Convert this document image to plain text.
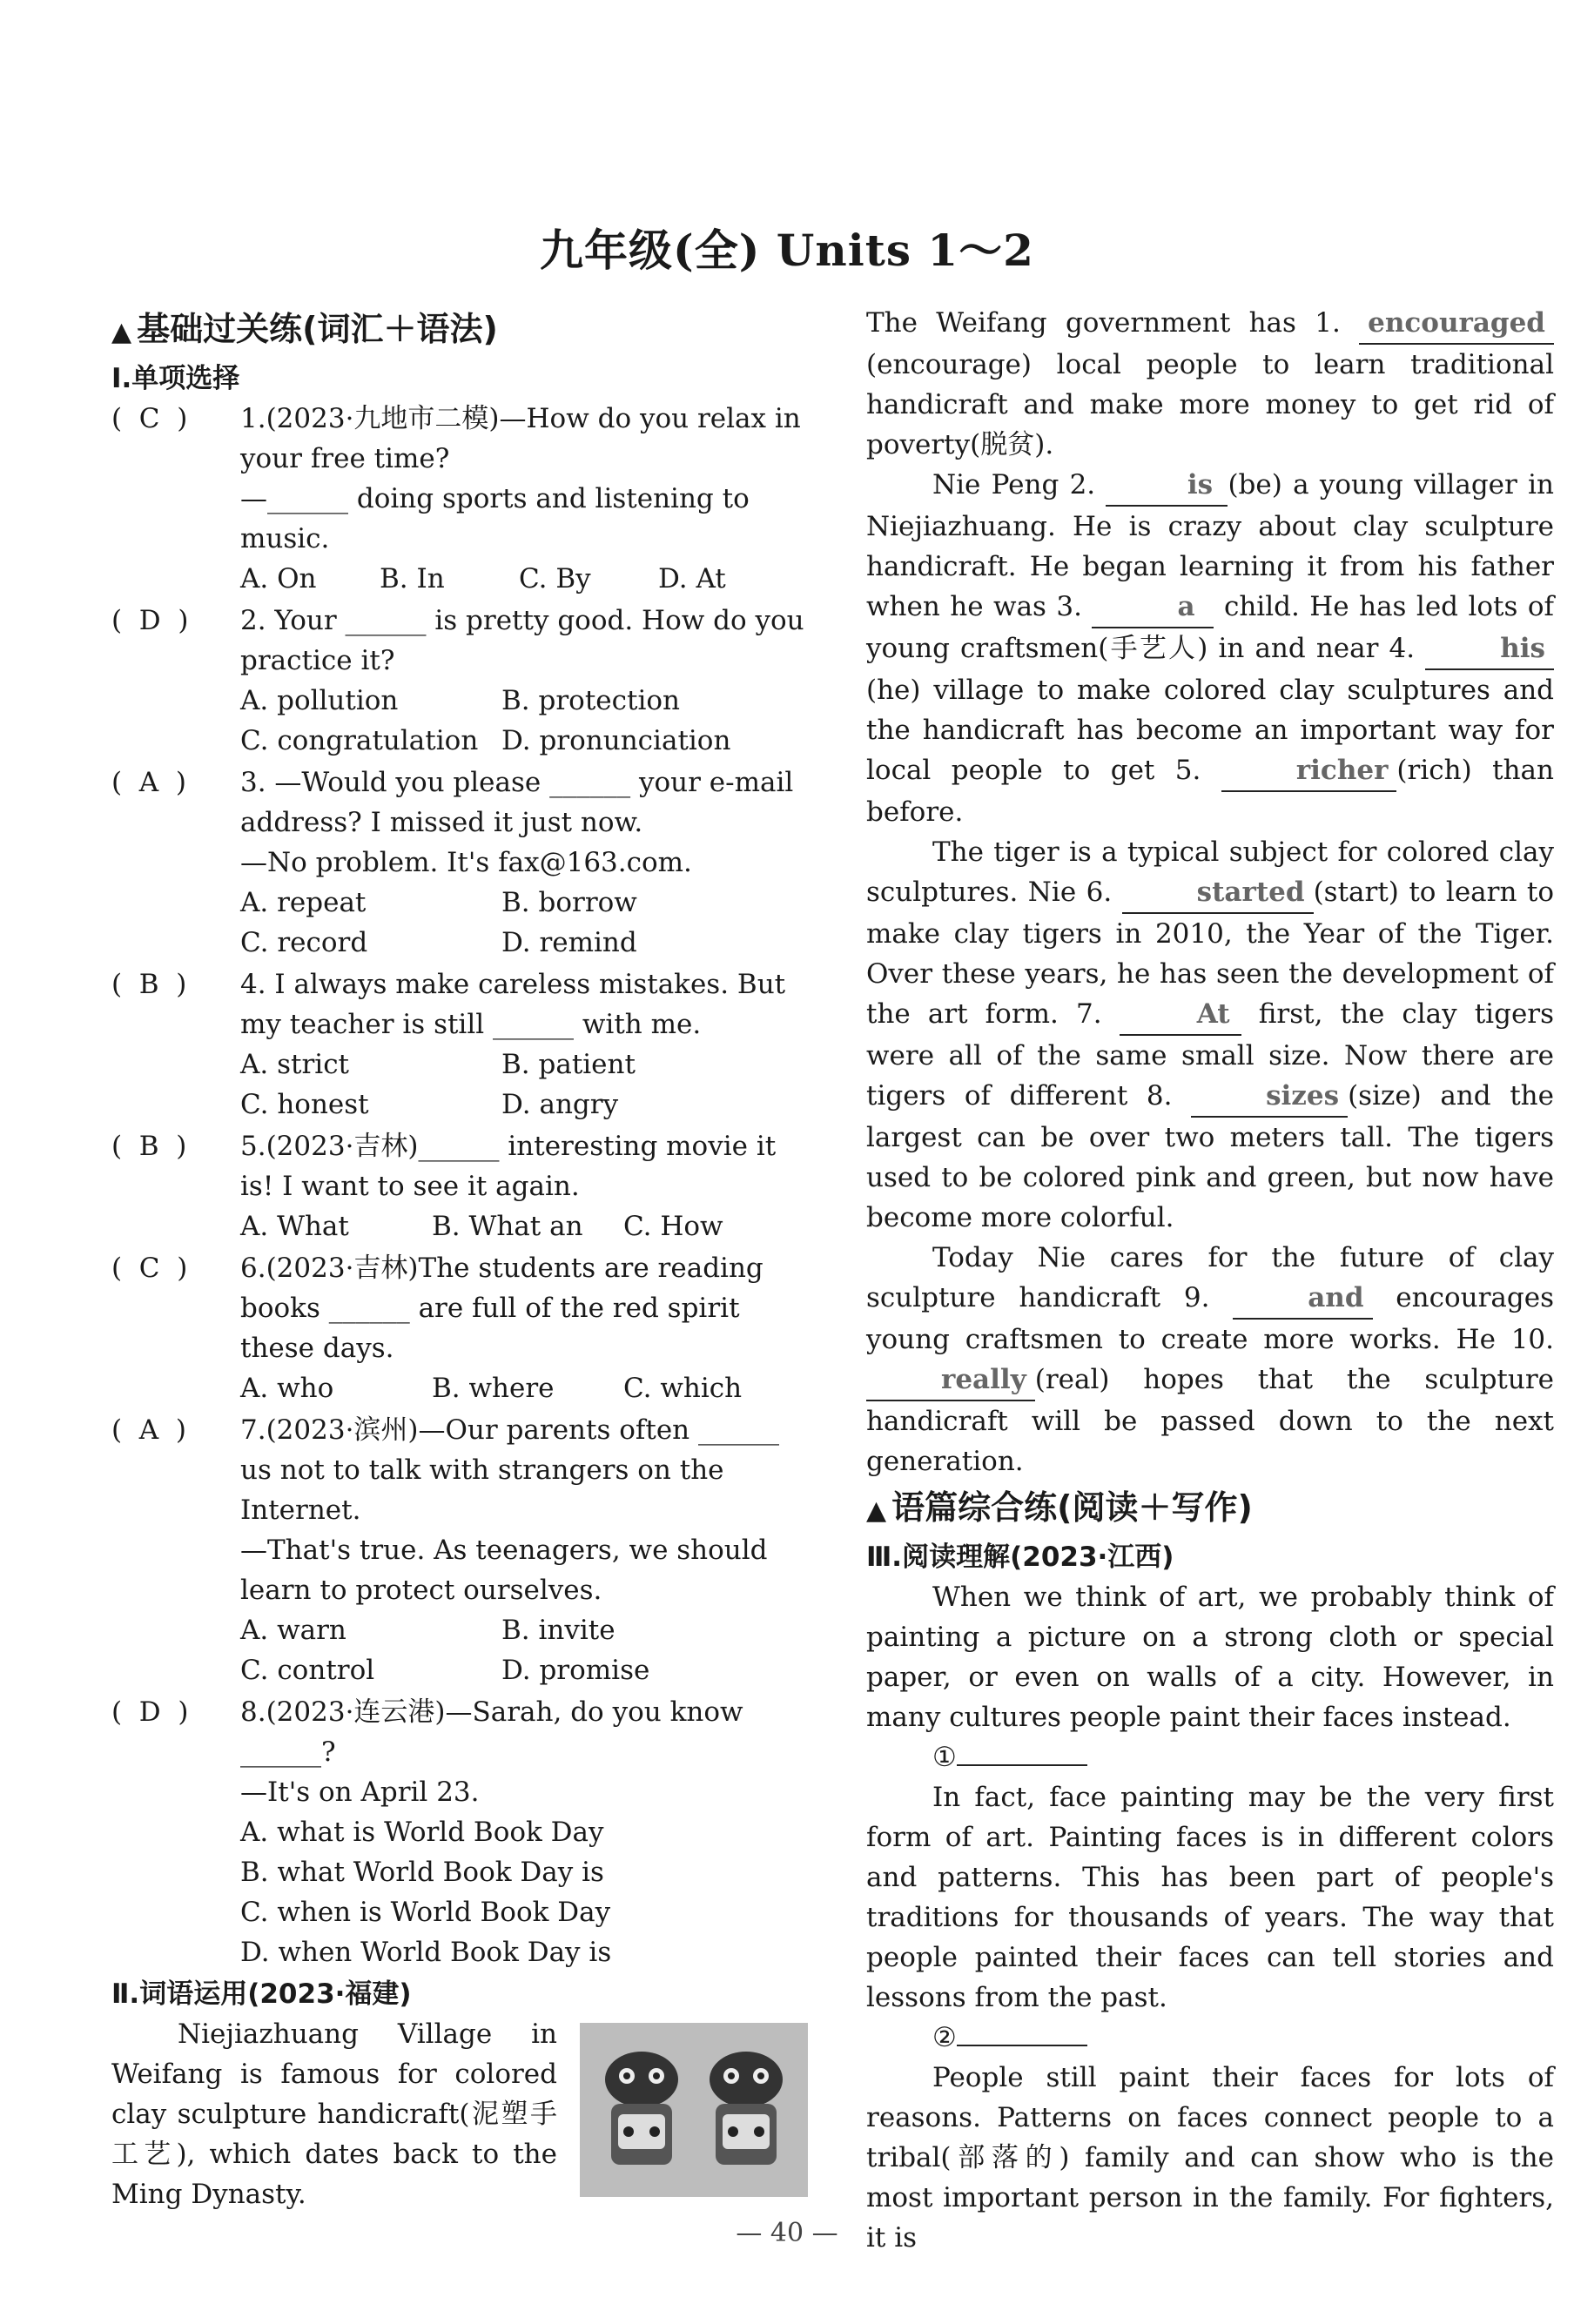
九年级(全) Units 1～2
▲ 基础过关练(词汇＋语法)
Ⅰ.单项选择
(  C  )	1.(2023·九地市二模)—How do you relax in your free time?
—______ doing sports and listening to music.
A. On	B. In	C. By	D. At
(  D  )	2. Your ______ is pretty good. How do you practice it?
A. pollution	B. protection
C. congratulation D. pronunciation
(  A  )	3. —Would you please ______ your e-mail address? I missed it just now.
—No problem. It's fax@163.com.
A. repeat	B. borrow
C. record	D. remind
(  B  )	4. I always make careless mistakes. But my teacher is still ______ with me.
A. strict	B. patient
C. honest	D. angry
(  B  )	5.(2023·吉林)______ interesting movie it is! I want to see it again.
A. What	B. What an	C. How
(  C  )	6.(2023·吉林)The students are reading books ______ are full of the red spirit these days.
A. who	B. where	C. which
(  A  )	7.(2023·滨州)—Our parents often ______ us not to talk with strangers on the Internet.
—That's true. As teenagers, we should learn to protect ourselves.
A. warn	B. invite
C. control	D. promise
(  D  )	8.(2023·连云港)—Sarah, do you know ______?
—It's on April 23.
A. what is World Book Day
B. what World Book Day is
C. when is World Book Day
D. when World Book Day is
Ⅱ.词语运用(2023·福建)
Niejiazhuang Village in Weifang is famous for colored clay sculpture handicraft(泥塑手工艺), which dates back to the Ming Dynasty.
The Weifang government has 1. encouraged(encourage) local people to learn traditional handicraft and make more money to get rid of poverty(脱贫).
Nie Peng 2.	is (be) a young villager in Niejiazhuang. He is crazy about clay sculpture handicraft. He began learning it from his father when he was 3.	a child. He has led lots of young craftsmen(手艺人) in and near 4.	his(he) village to make colored clay sculptures and the handicraft has become an important way for local people to get 5.	richer (rich) than before.
The tiger is a typical subject for colored clay sculptures. Nie 6.	started (start) to learn to make clay tigers in 2010, the Year of the Tiger. Over these years, he has seen the development of the art form. 7.	At first, the clay tigers were all of the same small size. Now there are tigers of different 8.	sizes (size) and the largest can be over two meters tall. The tigers used to be colored pink and green, but now have become more colorful.
Today Nie cares for the future of clay sculpture handicraft 9.	and encourages young craftsmen to create more works. He 10. really (real) hopes that the sculpture handicraft will be passed down to the next generation.
▲ 语篇综合练(阅读＋写作)
Ⅲ.阅读理解(2023·江西)
When we think of art, we probably think of painting a picture on a strong cloth or special paper, or even on walls of a city. However, in many cultures people paint their faces instead.
①
In fact, face painting may be the very first form of art. Painting faces is in different colors and patterns. This has been part of people's traditions for thousands of years. The way that people painted their faces can tell stories and lessons from the past.
②
People still paint their faces for lots of reasons. Patterns on faces connect people to a tribal(部落的) family and can show who is the most important person in the family. For fighters, it is
— 40 —
